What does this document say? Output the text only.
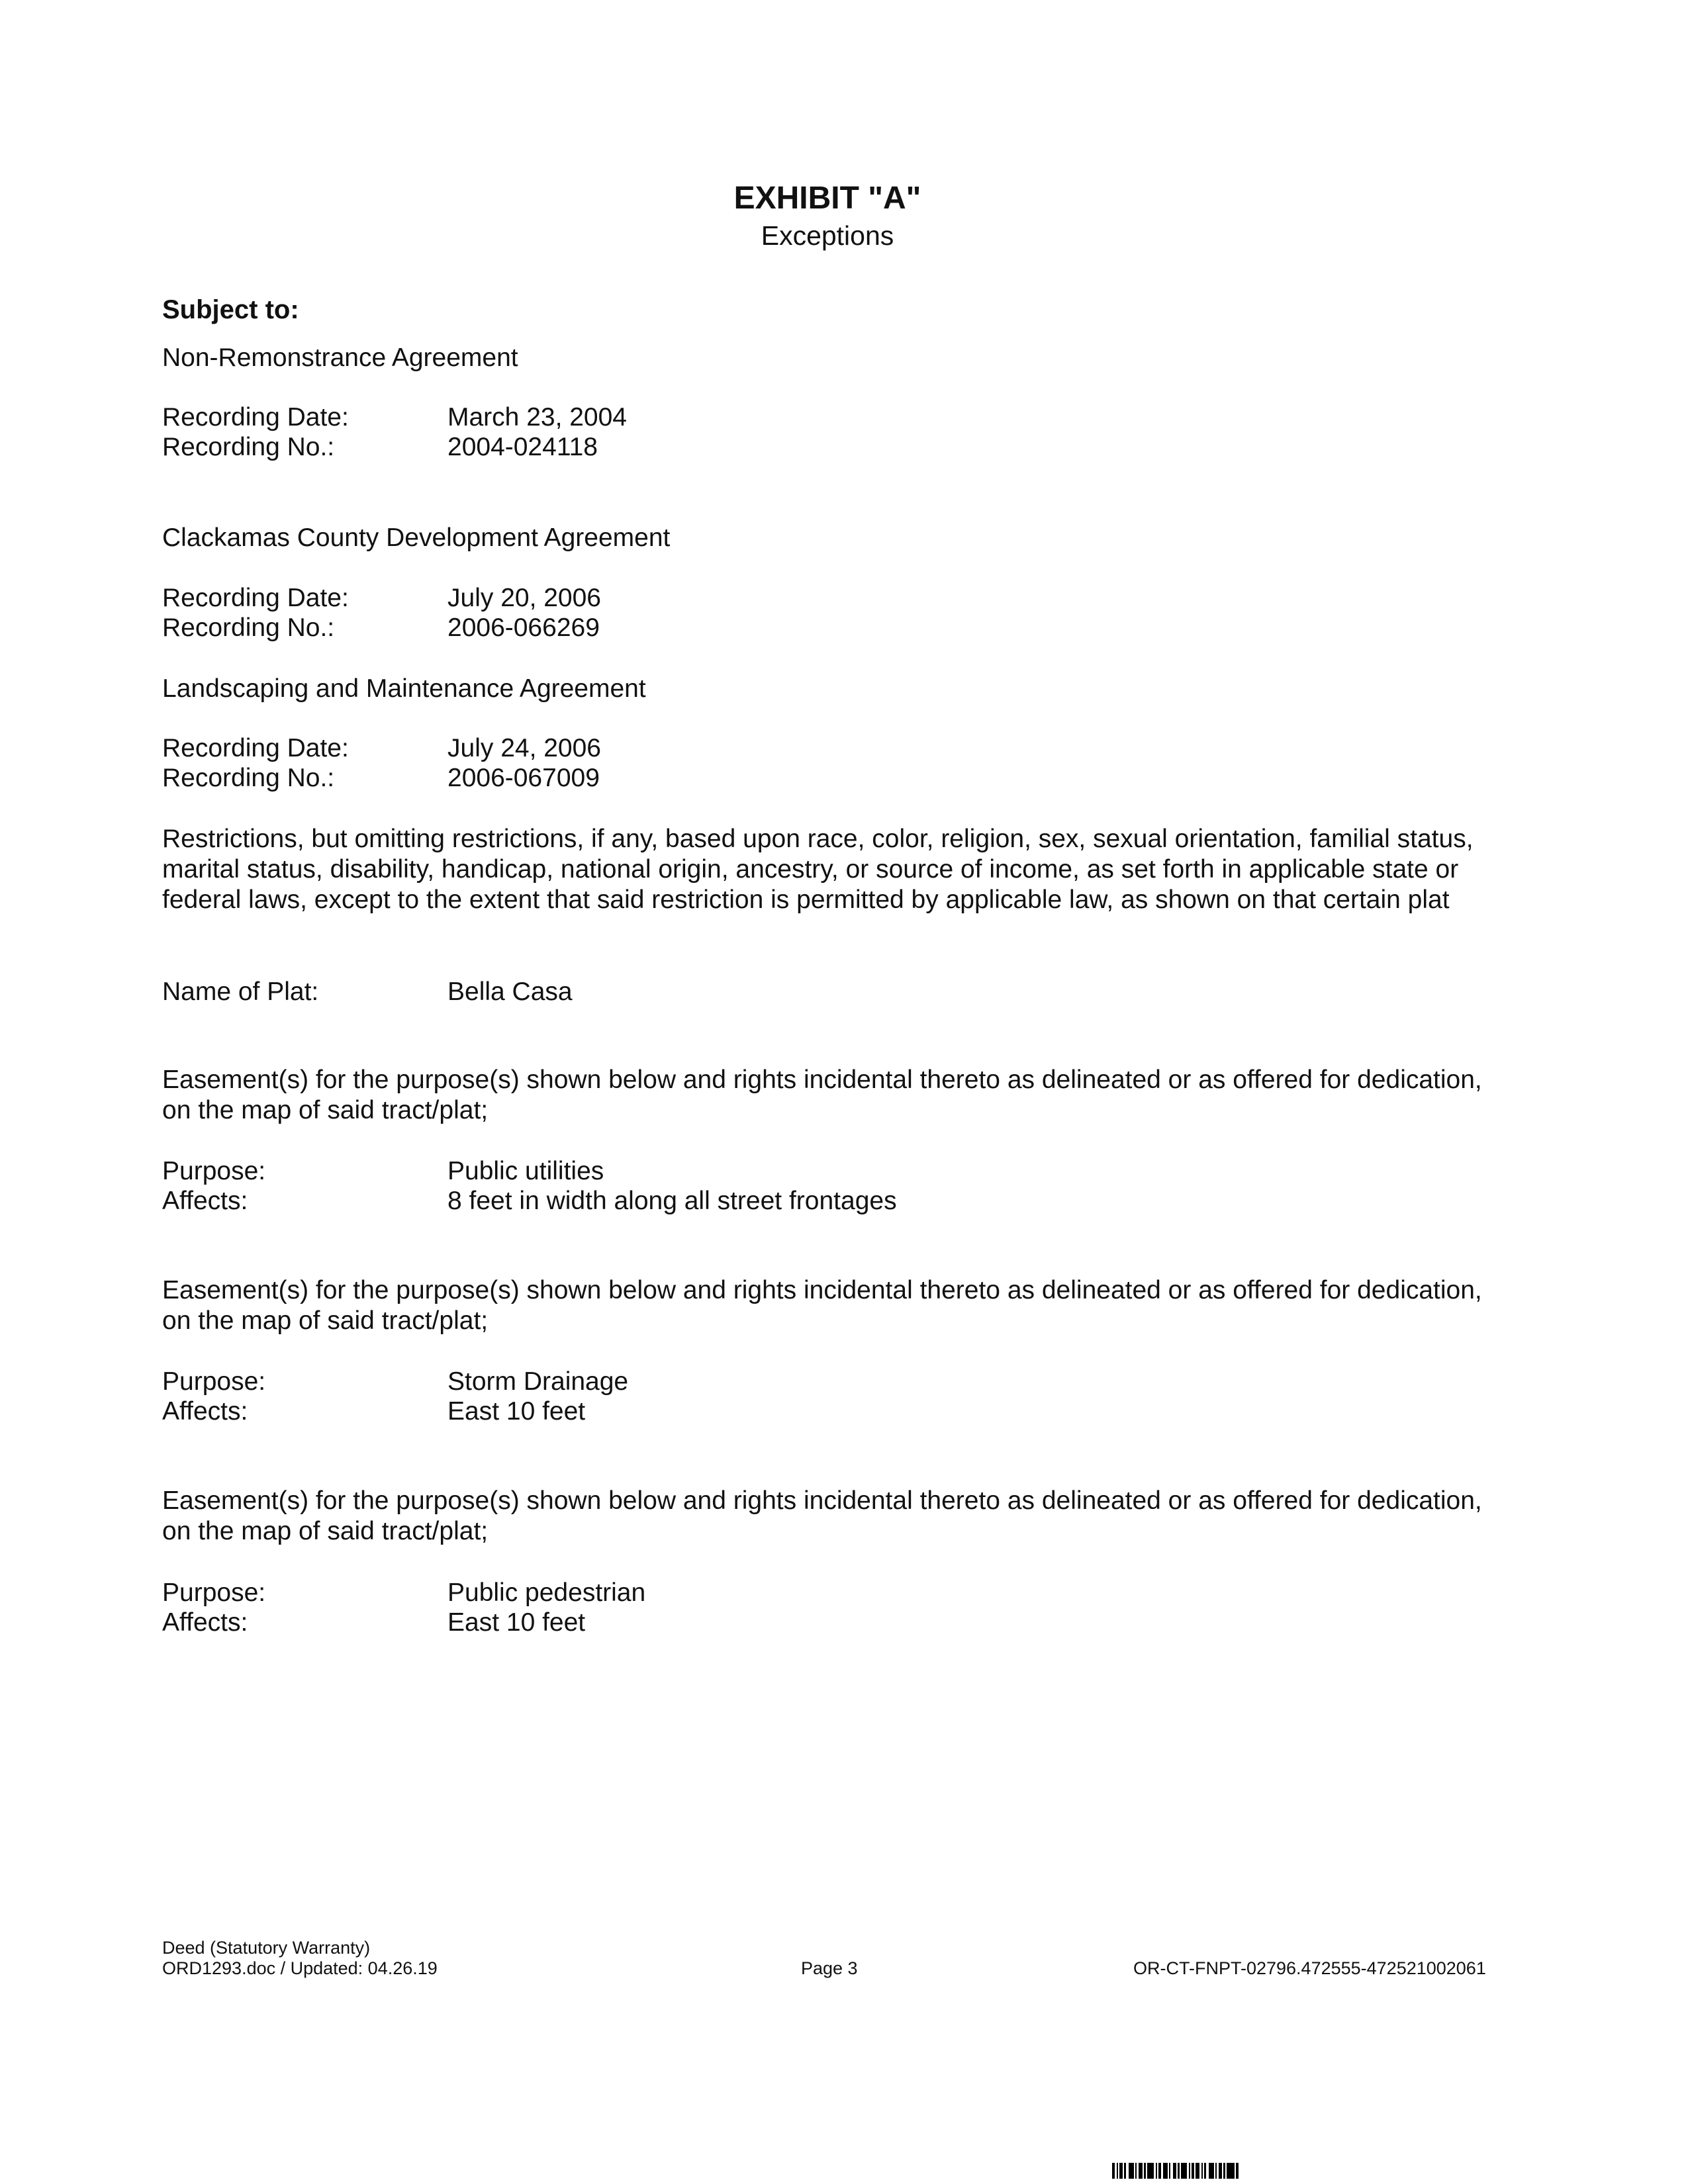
EXHIBIT "A"
Exceptions
Subject to:
Non-Remonstrance Agreement
Recording Date:	March 23, 2004
Recording No.:	2004-024118
Clackamas County Development Agreement
Recording Date:	July 20, 2006
Recording No.:	2006-066269
Landscaping and Maintenance Agreement
Recording Date:	July 24, 2006
Recording No.:	2006-067009
Restrictions, but omitting restrictions, if any, based upon race, color, religion, sex, sexual orientation, familial status, marital status, disability, handicap, national origin, ancestry, or source of income, as set forth in applicable state or federal laws, except to the extent that said restriction is permitted by applicable law, as shown on that certain plat
Name of Plat:	Bella Casa
Easement(s) for the purpose(s) shown below and rights incidental thereto as delineated or as offered for dedication, on the map of said tract/plat;
Purpose:	Public utilities
Affects:	8 feet in width along all street frontages
Easement(s) for the purpose(s) shown below and rights incidental thereto as delineated or as offered for dedication, on the map of said tract/plat;
Purpose:	Storm Drainage
Affects:	East 10 feet
Easement(s) for the purpose(s) shown below and rights incidental thereto as delineated or as offered for dedication, on the map of said tract/plat;
Purpose:	Public pedestrian
Affects:	East 10 feet
Deed (Statutory Warranty)
ORD1293.doc / Updated: 04.26.19	Page 3	OR-CT-FNPT-02796.472555-472521002061
